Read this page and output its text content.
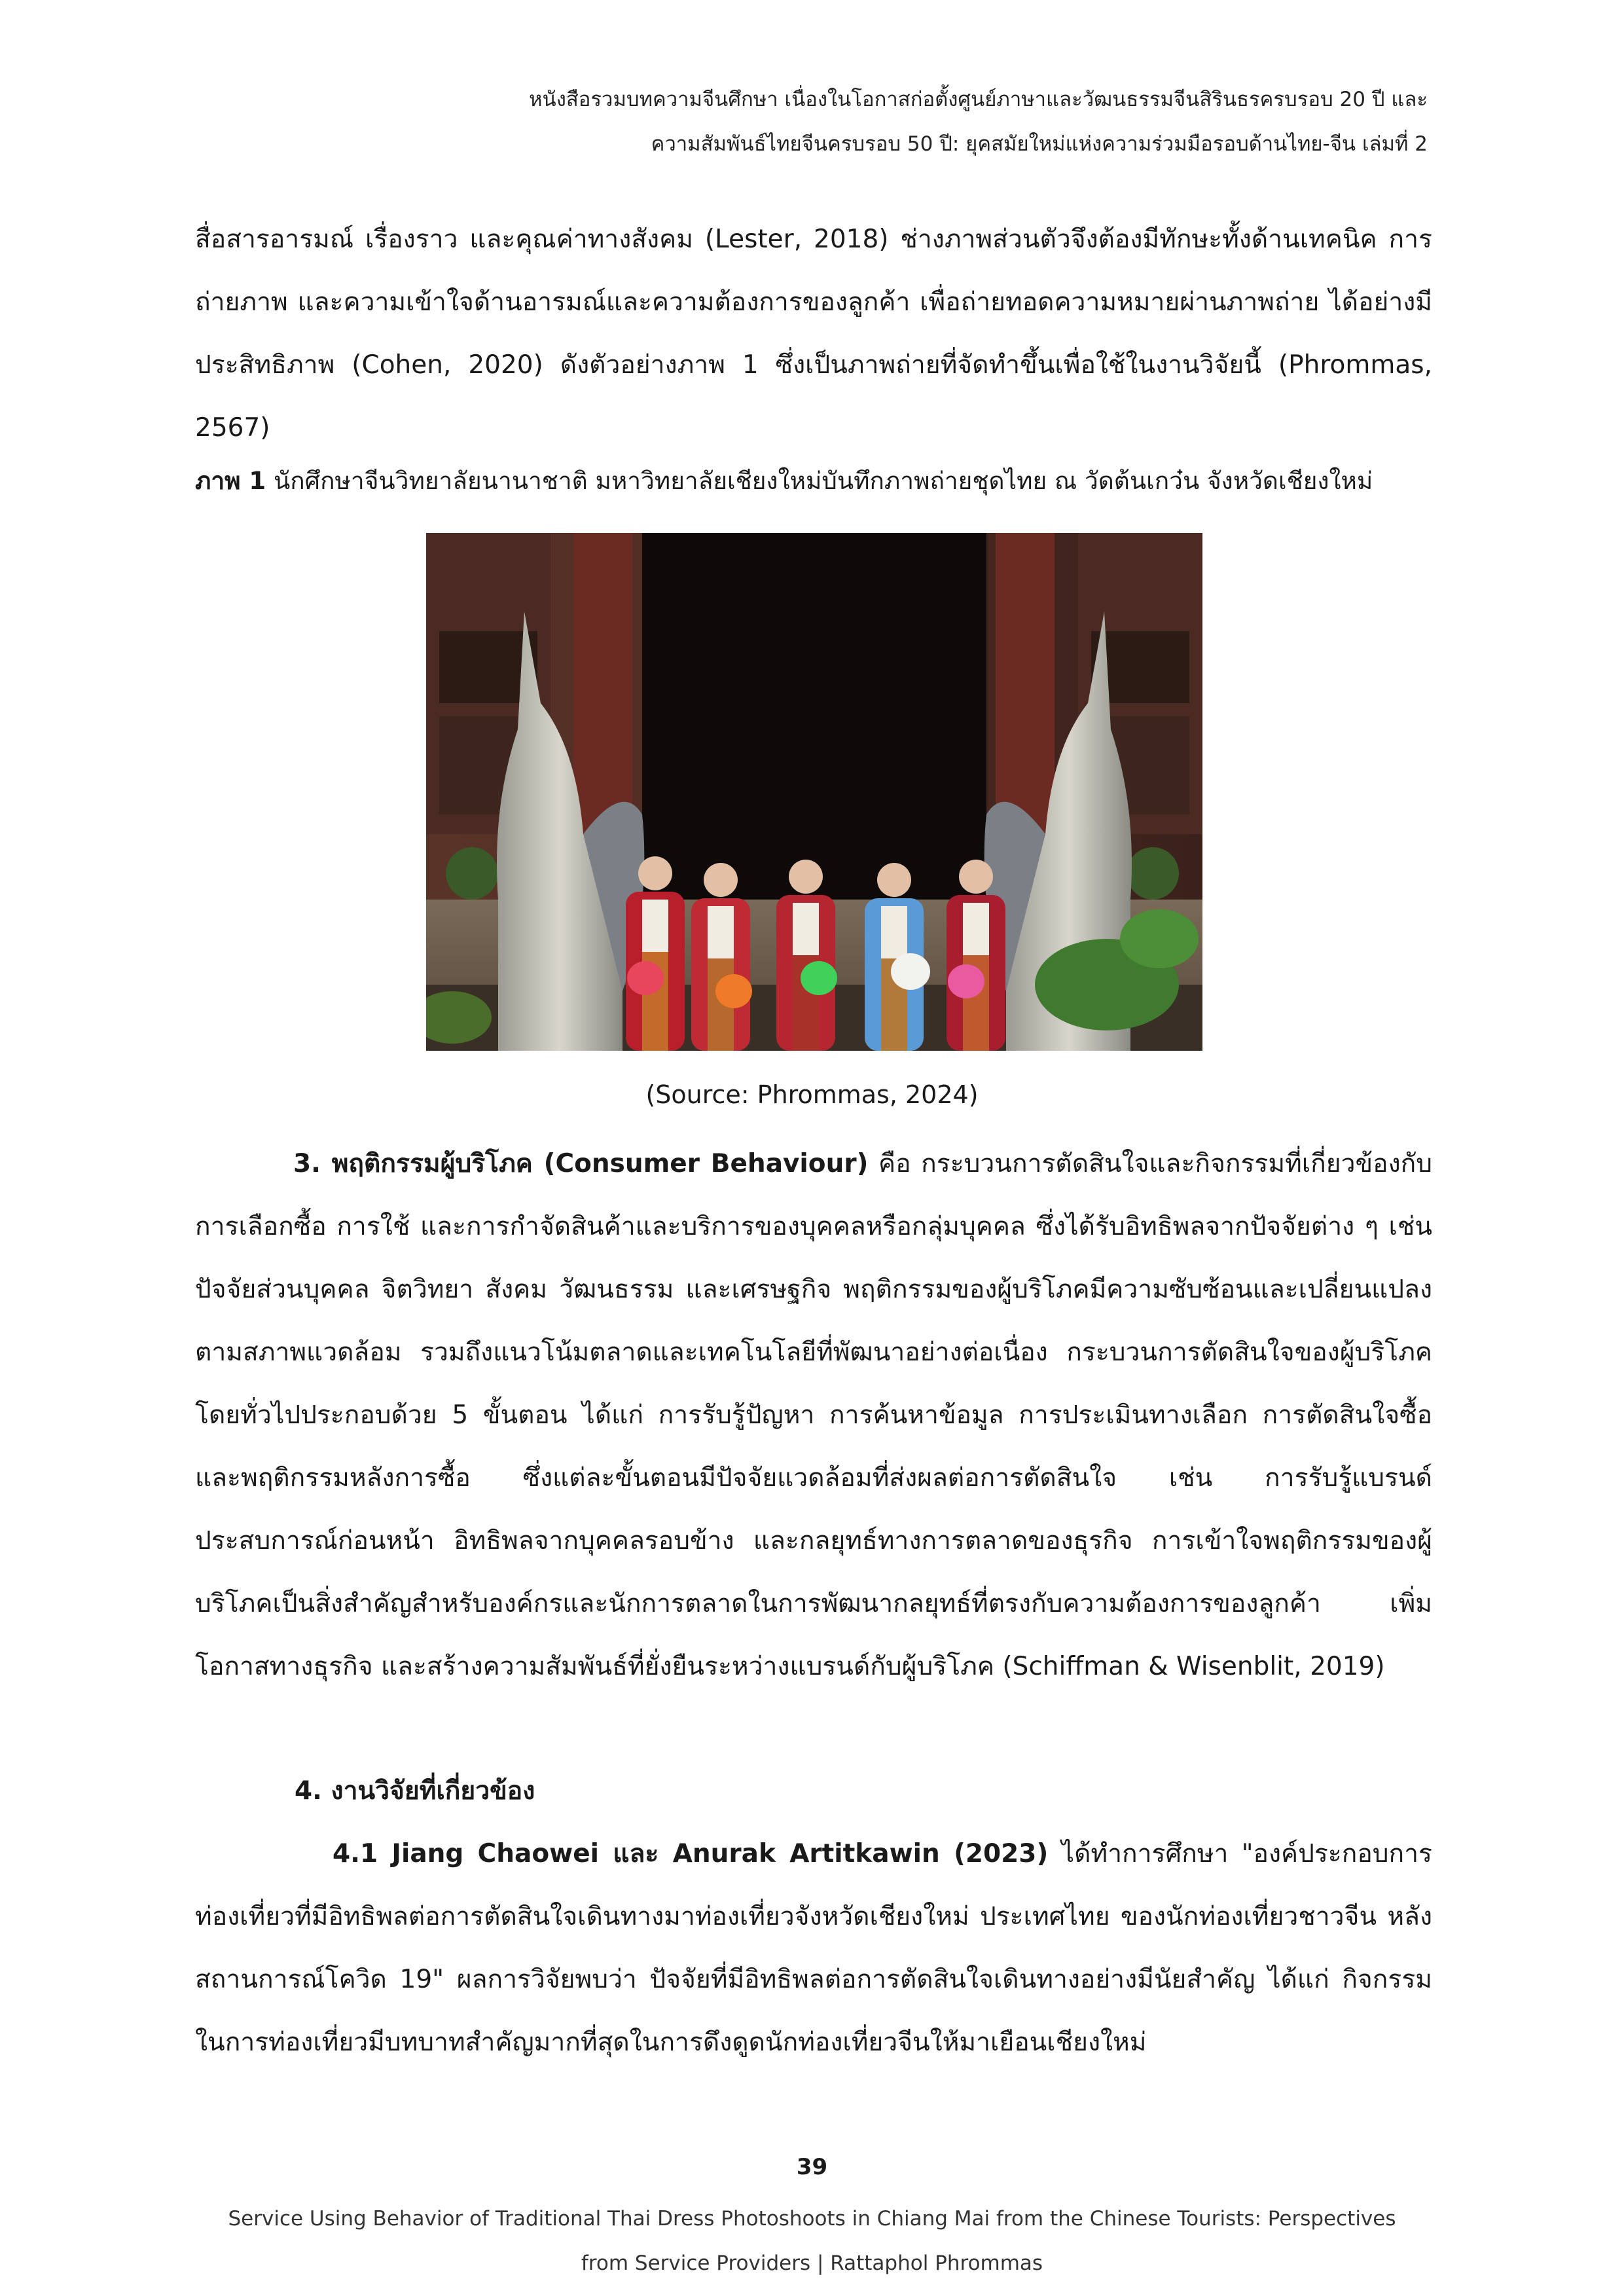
หนังสือรวมบทความจีนศึกษา เนื่องในโอกาสก่อตั้งศูนย์ภาษาและวัฒนธรรมจีนสิรินธรครบรอบ 20 ปี และ
ความสัมพันธ์ไทยจีนครบรอบ 50 ปี: ยุคสมัยใหม่แห่งความร่วมมือรอบด้านไทย-จีน เล่มที่ 2

สื่อสารอารมณ์ เรื่องราว และคุณค่าทางสังคม (Lester, 2018) ช่างภาพส่วนตัวจึงต้องมีทักษะทั้งด้านเทคนิค การถ่ายภาพ และความเข้าใจด้านอารมณ์และความต้องการของลูกค้า เพื่อถ่ายทอดความหมายผ่านภาพถ่าย ได้อย่างมีประสิทธิภาพ (Cohen, 2020) ดังตัวอย่างภาพ 1 ซึ่งเป็นภาพถ่ายที่จัดทำขึ้นเพื่อใช้ในงานวิจัยนี้ (Phrommas, 2567)

ภาพ 1 นักศึกษาจีนวิทยาลัยนานาชาติ มหาวิทยาลัยเชียงใหม่บันทึกภาพถ่ายชุดไทย ณ วัดต้นเกว๋น จังหวัดเชียงใหม่
(Source: Phrommas, 2024)

3. พฤติกรรมผู้บริโภค (Consumer Behaviour) คือ กระบวนการตัดสินใจและกิจกรรมที่เกี่ยวข้องกับการเลือกซื้อ การใช้ และการกำจัดสินค้าและบริการของบุคคลหรือกลุ่มบุคคล ซึ่งได้รับอิทธิพลจากปัจจัยต่าง ๆ เช่น ปัจจัยส่วนบุคคล จิตวิทยา สังคม วัฒนธรรม และเศรษฐกิจ พฤติกรรมของผู้บริโภคมีความซับซ้อนและเปลี่ยนแปลงตามสภาพแวดล้อม รวมถึงแนวโน้มตลาดและเทคโนโลยีที่พัฒนาอย่างต่อเนื่อง กระบวนการตัดสินใจของผู้บริโภคโดยทั่วไปประกอบด้วย 5 ขั้นตอน ได้แก่ การรับรู้ปัญหา การค้นหาข้อมูล การประเมินทางเลือก การตัดสินใจซื้อ และพฤติกรรมหลังการซื้อ ซึ่งแต่ละขั้นตอนมีปัจจัยแวดล้อมที่ส่งผลต่อการตัดสินใจ เช่น การรับรู้แบรนด์ ประสบการณ์ก่อนหน้า อิทธิพลจากบุคคลรอบข้าง และกลยุทธ์ทางการตลาดของธุรกิจ การเข้าใจพฤติกรรมของผู้บริโภคเป็นสิ่งสำคัญสำหรับองค์กรและนักการตลาดในการพัฒนากลยุทธ์ที่ตรงกับความต้องการของลูกค้า เพิ่มโอกาสทางธุรกิจ และสร้างความสัมพันธ์ที่ยั่งยืนระหว่างแบรนด์กับผู้บริโภค (Schiffman & Wisenblit, 2019)

4. งานวิจัยที่เกี่ยวข้อง

4.1 Jiang Chaowei และ Anurak Artitkawin (2023) ได้ทำการศึกษา "องค์ประกอบการท่องเที่ยวที่มีอิทธิพลต่อการตัดสินใจเดินทางมาท่องเที่ยวจังหวัดเชียงใหม่ ประเทศไทย ของนักท่องเที่ยวชาวจีน หลังสถานการณ์โควิด 19" ผลการวิจัยพบว่า ปัจจัยที่มีอิทธิพลต่อการตัดสินใจเดินทางอย่างมีนัยสำคัญ ได้แก่ กิจกรรมในการท่องเที่ยวมีบทบาทสำคัญมากที่สุดในการดึงดูดนักท่องเที่ยวจีนให้มาเยือนเชียงใหม่

39
Service Using Behavior of Traditional Thai Dress Photoshoots in Chiang Mai from the Chinese Tourists: Perspectives
from Service Providers | Rattaphol Phrommas
